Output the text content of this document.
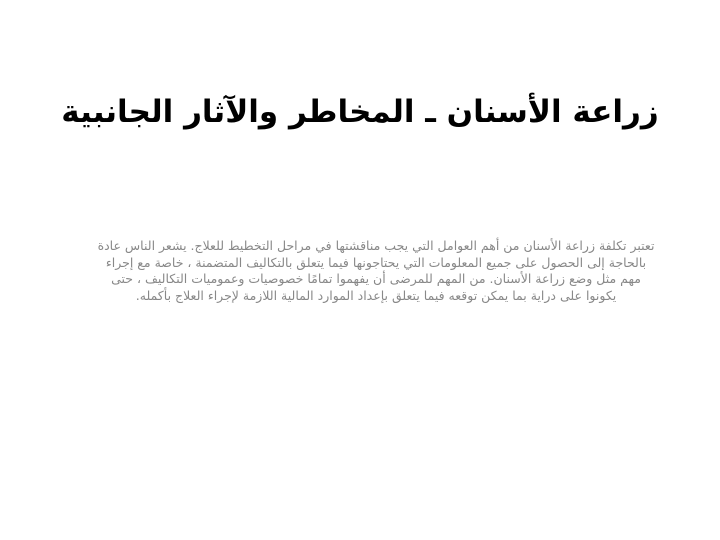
زراعة الأسنان ـ المخاطر والآثار الجانبية
تعتبر تكلفة زراعة الأسنان من أهم العوامل التي يجب مناقشتها في مراحل التخطيط للعلاج. يشعر الناس عادة بالحاجة إلى الحصول على جميع المعلومات التي يحتاجونها فيما يتعلق بالتكاليف المتضمنة ، خاصة مع إجراء مهم مثل وضع زراعة الأسنان. من المهم للمرضى أن يفهموا تمامًا خصوصيات وعموميات التكاليف ، حتى يكونوا على دراية بما يمكن توقعه فيما يتعلق بإعداد الموارد المالية اللازمة لإجراء العلاج بأكمله.
